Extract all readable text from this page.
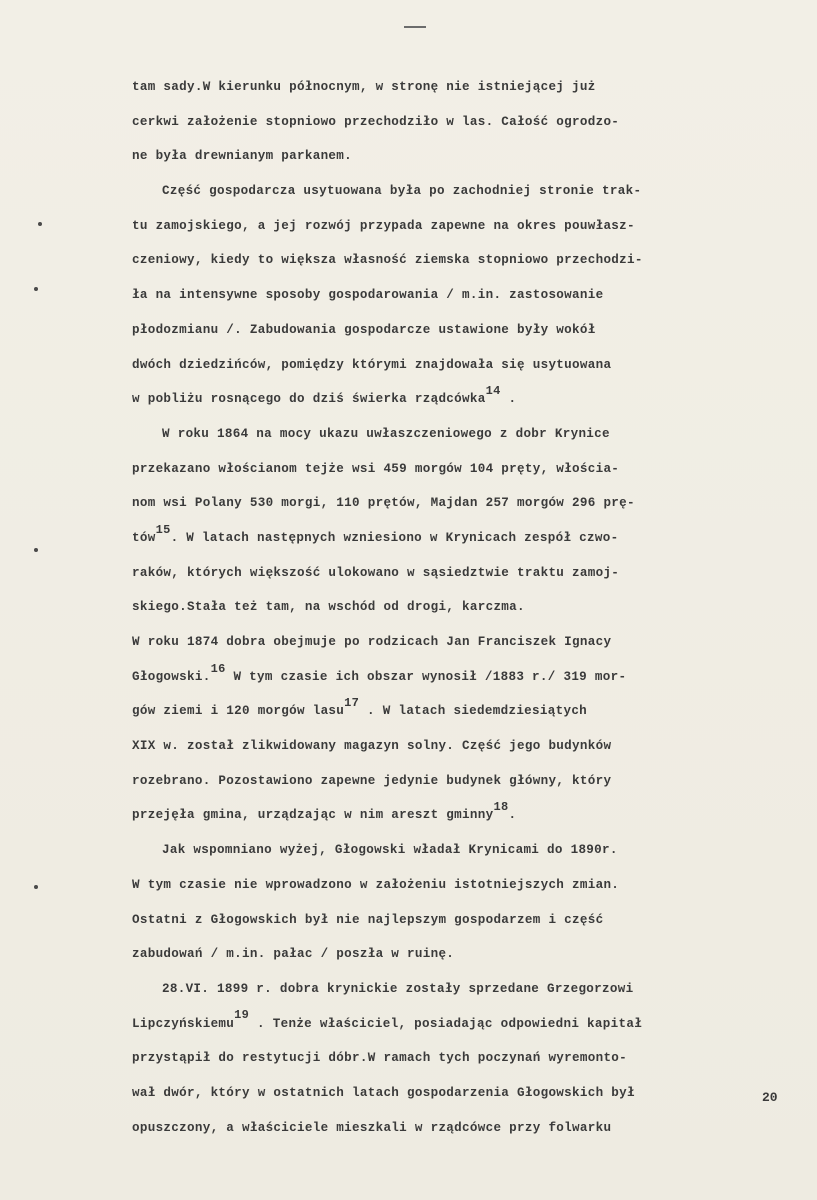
tam sady.W kierunku północnym, w stronę nie istniejącej już
cerkwi założenie stopniowo przechodziło w las. Całość ogrodzo-
ne była drewnianym parkanem.
Część gospodarcza usytuowana była po zachodniej stronie trak-
tu zamojskiego, a jej rozwój przypada zapewne na okres pouwłasz-
czeniowy, kiedy to większa własność ziemska stopniowo przechodzi-
ła na intensywne sposoby gospodarowania / m.in. zastosowanie
płodozmianu /. Zabudowania gospodarcze ustawione były wokół
dwóch dziedzińców, pomiędzy którymi znajdowała się usytuowana
w pobliżu rosnącego do dziś świerka rządcówka$^{14}$ .
W roku 1864 na mocy ukazu uwłaszczeniowego z dobr Krynice
przekazano włościanom tejże wsi 459 morgów 104 pręty, włościa-
nom wsi Polany 530 morgi, 110 prętów, Majdan 257 morgów 296 prę-
tów$^{15}$. W latach następnych wzniesiono w Krynicach zespół czwo-
raków, których większość ulokowano w sąsiedztwie traktu zamoj-
skiego.Stała też tam, na wschód od drogi, karczma.
W roku 1874 dobra obejmuje po rodzicach Jan Franciszek Ignacy
Głogowski.$^{16}$ W tym czasie ich obszar wynosił /1883 r./ 319 mor-
gów ziemi i 120 morgów lasu$^{17}$ . W latach siedemdziesiątych
XIX w. został zlikwidowany magazyn solny. Część jego budynków
rozebrano. Pozostawiono zapewne jedynie budynek główny, który
przejęła gmina, urządzając w nim areszt gminny$^{18}$.
Jak wspomniano wyżej, Głogowski władał Krynicami do 1890r.
W tym czasie nie wprowadzono w założeniu istotniejszych zmian.
Ostatni z Głogowskich był nie najlepszym gospodarzem i część
zabudowań / m.in. pałac / poszła w ruinę.
28.VI. 1899 r. dobra krynickie zostały sprzedane Grzegorzowi
Lipczyńskiemu$^{19}$ . Tenże właściciel, posiadając odpowiedni kapitał
przystąpił do restytucji dóbr.W ramach tych poczynań wyremonto-
wał dwór, który w ostatnich latach gospodarzenia Głogowskich był
opuszczony, a właściciele mieszkali w rządcówce przy folwarku
20
